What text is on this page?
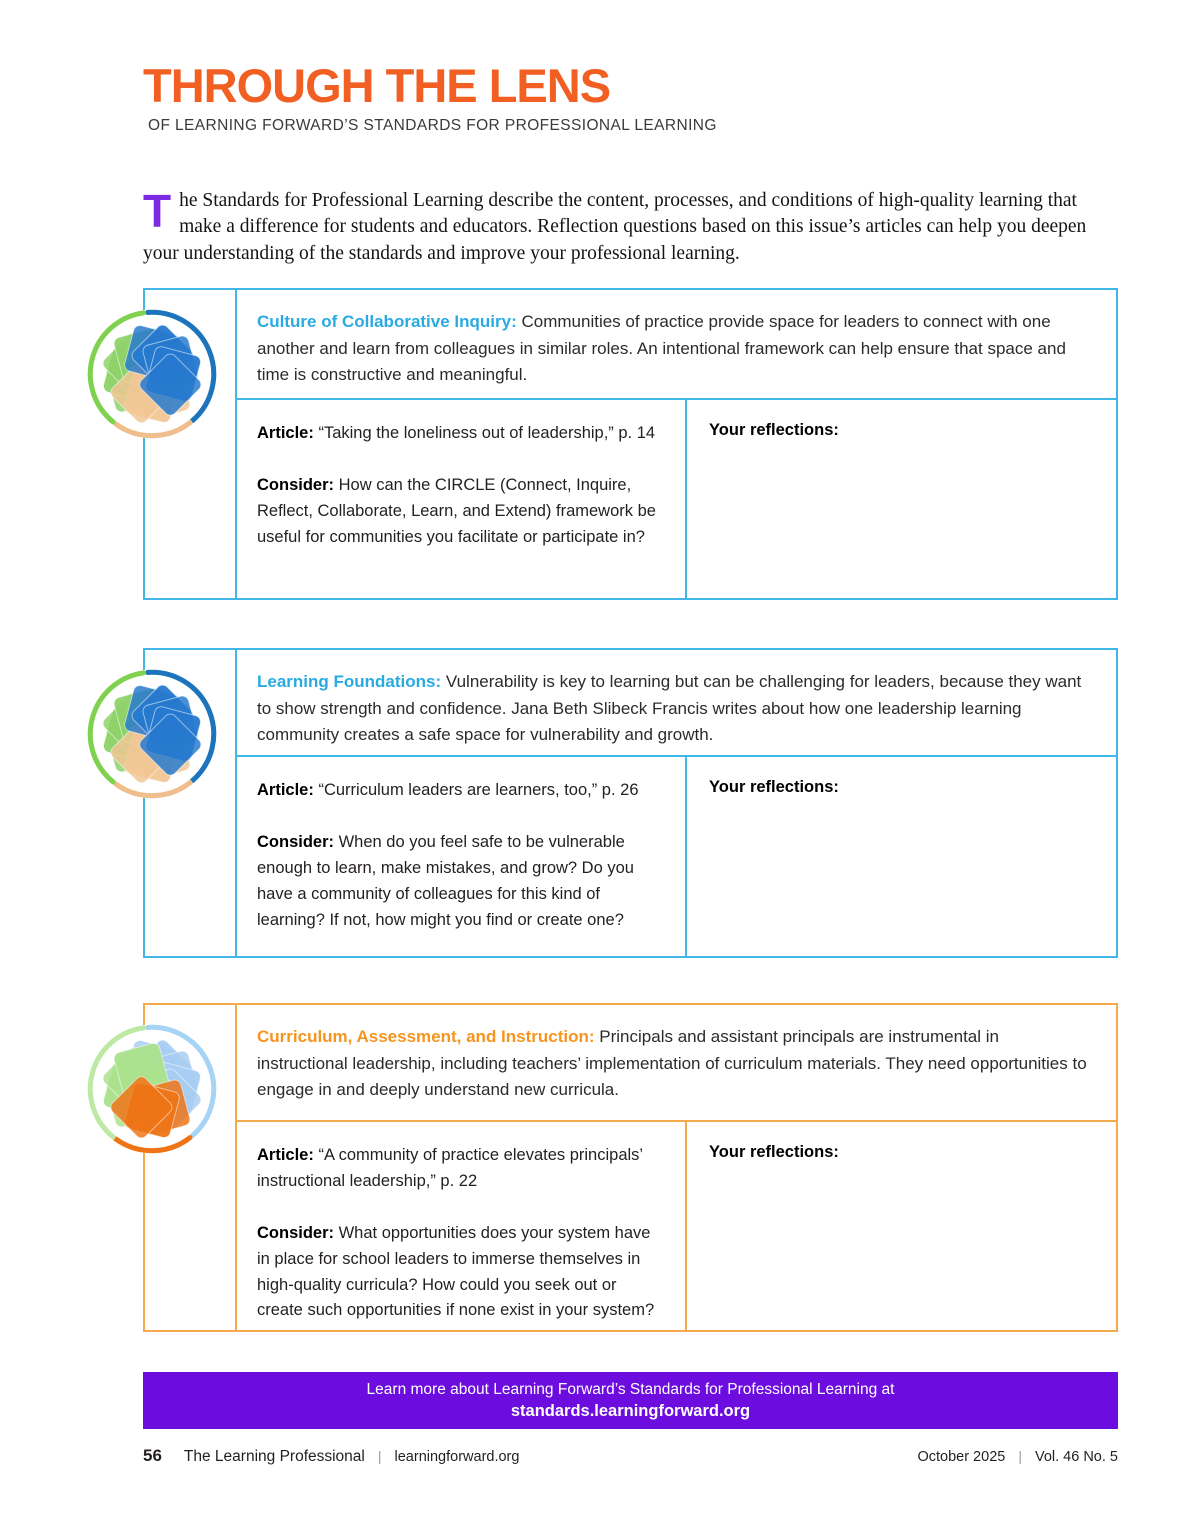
THROUGH THE LENS
OF LEARNING FORWARD’S STANDARDS FOR PROFESSIONAL LEARNING

The Standards for Professional Learning describe the content, processes, and conditions of high-quality learning that make a difference for students and educators. Reflection questions based on this issue’s articles can help you deepen your understanding of the standards and improve your professional learning.

Culture of Collaborative Inquiry: Communities of practice provide space for leaders to connect with one another and learn from colleagues in similar roles. An intentional framework can help ensure that space and time is constructive and meaningful.

Article: “Taking the loneliness out of leadership,” p. 14

Consider: How can the CIRCLE (Connect, Inquire, Reflect, Collaborate, Learn, and Extend) framework be useful for communities you facilitate or participate in?

Your reflections:
Learning Foundations: Vulnerability is key to learning but can be challenging for leaders, because they want to show strength and confidence. Jana Beth Slibeck Francis writes about how one leadership learning community creates a safe space for vulnerability and growth.

Article: “Curriculum leaders are learners, too,” p. 26

Consider: When do you feel safe to be vulnerable enough to learn, make mistakes, and grow? Do you have a community of colleagues for this kind of learning? If not, how might you find or create one?

Your reflections:
Curriculum, Assessment, and Instruction: Principals and assistant principals are instrumental in instructional leadership, including teachers’ implementation of curriculum materials. They need opportunities to engage in and deeply understand new curricula.

Article: “A community of practice elevates principals’ instructional leadership,” p. 22

Consider: What opportunities does your system have in place for school leaders to immerse themselves in high-quality curricula? How could you seek out or create such opportunities if none exist in your system?

Your reflections:
Learn more about Learning Forward’s Standards for Professional Learning at
standards.learningforward.org
56 The Learning Professional | learningforward.org	October 2025 | Vol. 46 No. 5
